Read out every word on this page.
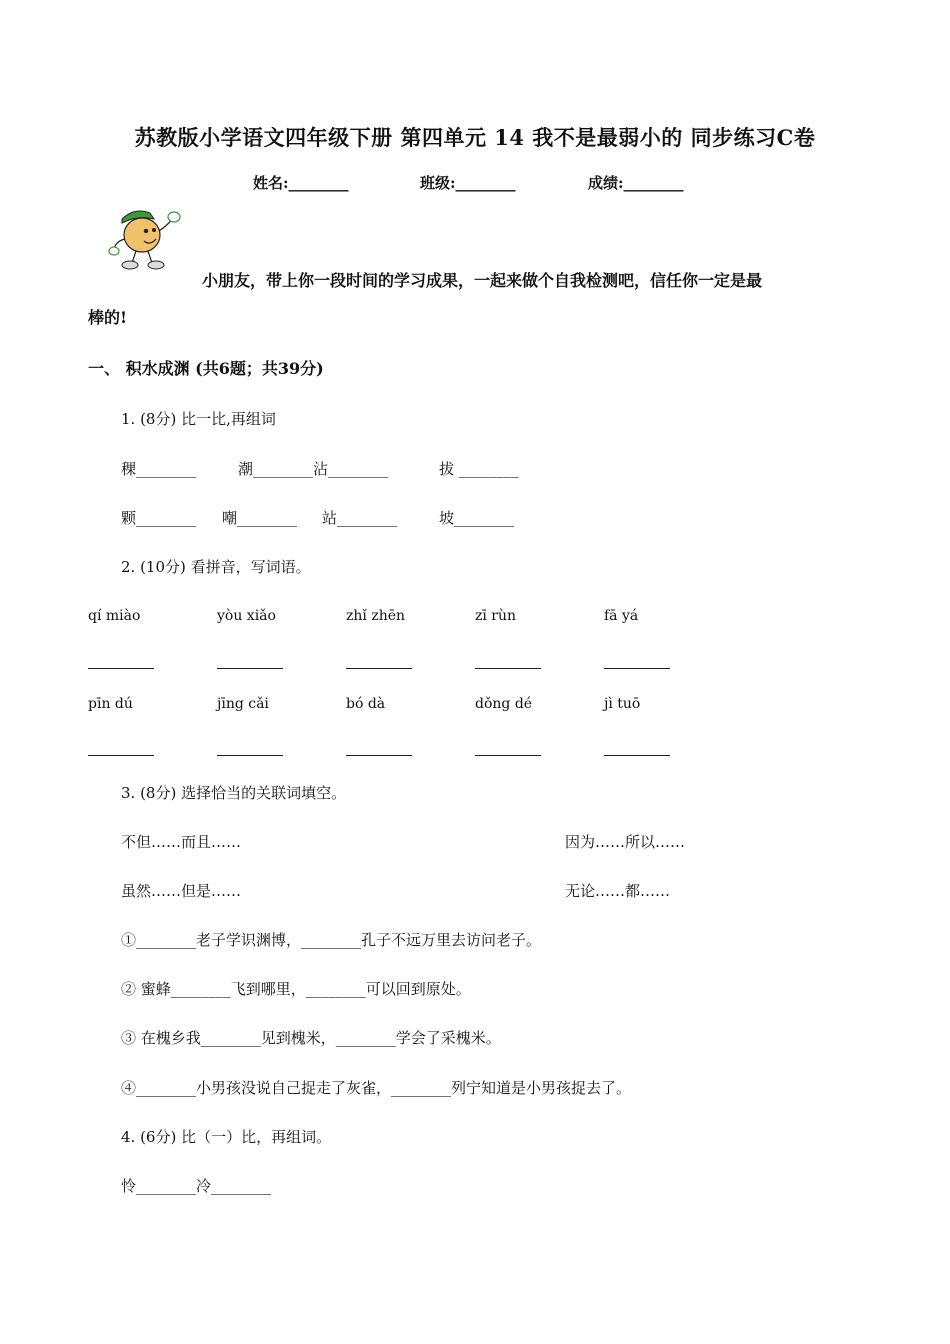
苏教版小学语文四年级下册 第四单元 14 我不是最弱小的 同步练习C卷
姓名:________	班级:________	成绩:________
小朋友，带上你一段时间的学习成果，一起来做个自我检测吧，信任你一定是最
棒的!
一、 积水成渊 (共6题；共39分)
1. (8分) 比一比,再组词
稞________	潮________沾________	拔 ________
颗________ 嘲________ 站________	坡________
2. (10分) 看拼音，写词语。
qí miào	yòu xiǎo	zhǐ zhēn	zī rùn	fā yá
pīn dú	jīng cǎi	bó dà	dǒng dé	jì tuō
3. (8分) 选择恰当的关联词填空。
不但……而且……	因为……所以……
虽然……但是……	无论……都……
①________老子学识渊博，________孔子不远万里去访问老子。
② 蜜蜂________飞到哪里，________可以回到原处。
③ 在槐乡我________见到槐米，________学会了采槐米。
④________小男孩没说自己捉走了灰雀，________列宁知道是小男孩捉去了。
4. (6分) 比（一）比，再组词。
怜________冷________
